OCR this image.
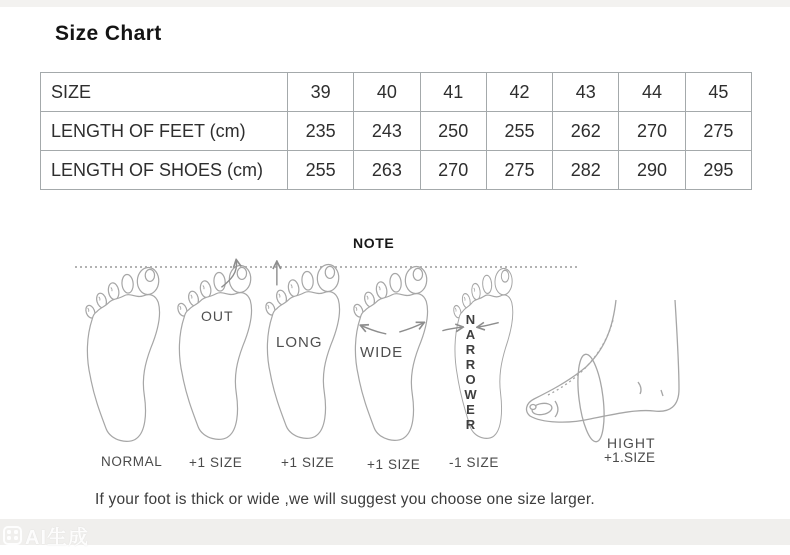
Size Chart
SIZE	39	40	41	42	43	44	45
LENGTH OF FEET (cm)	235	243	250	255	262	270	275
LENGTH OF SHOES (cm)	255	263	270	275	282	290	295
NOTE
OUT
LONG
WIDE	NARROWER
HIGHT
NORMAL +1 SIZE	+1 SIZE +1 SIZE -1 SIZE	+1.SIZE
If your foot is thick or wide ,we will suggest you choose one size larger.
AI生成
